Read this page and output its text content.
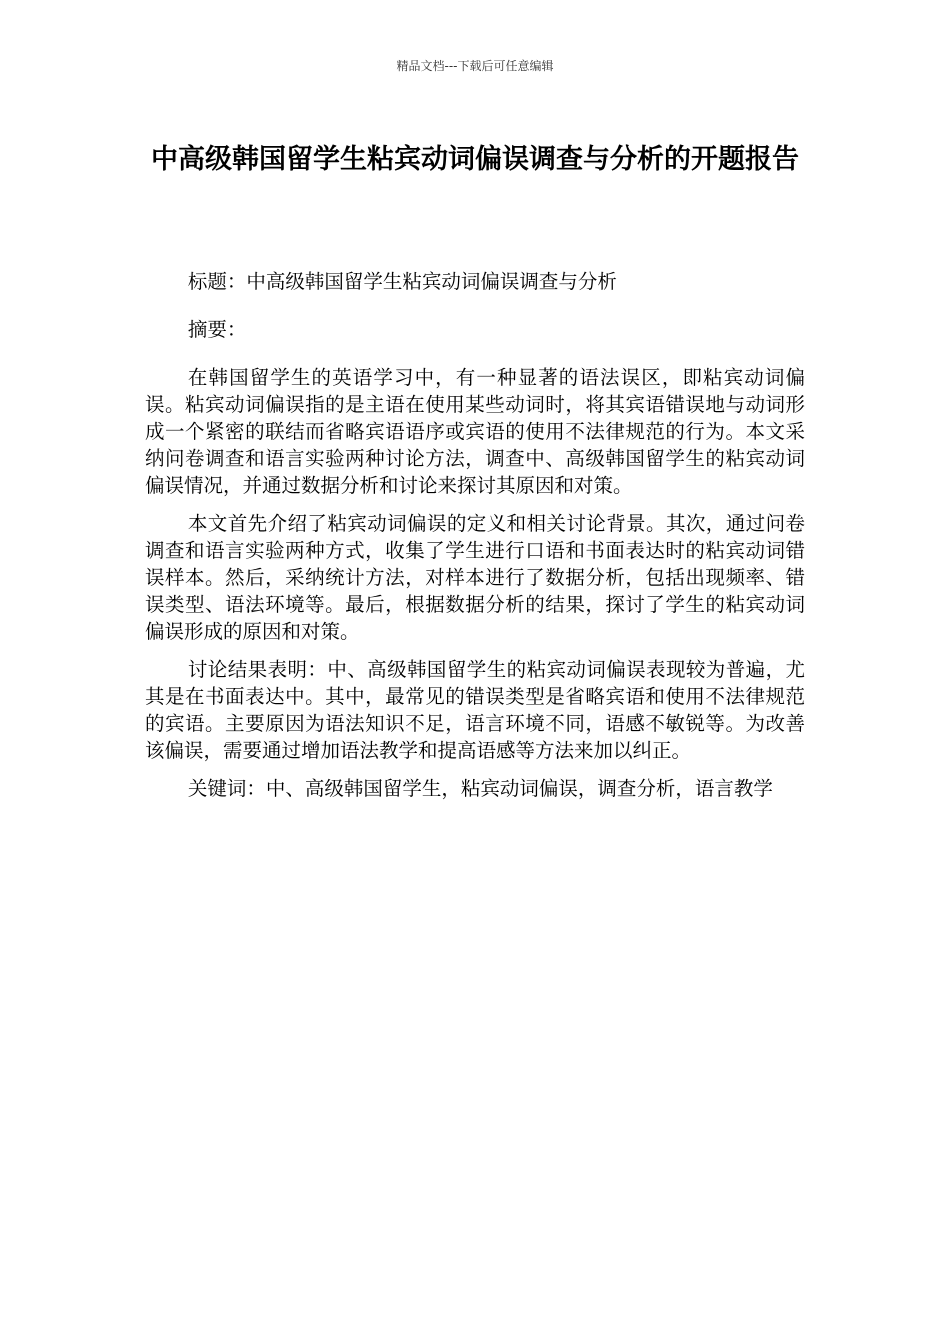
精品文档---下载后可任意编辑
中高级韩国留学生粘宾动词偏误调查与分析的开题报告

标题：中高级韩国留学生粘宾动词偏误调查与分析

摘要：

在韩国留学生的英语学习中，有一种显著的语法误区，即粘宾动词偏误。粘宾动词偏误指的是主语在使用某些动词时，将其宾语错误地与动词形成一个紧密的联结而省略宾语语序或宾语的使用不法律规范的行为。本文采纳问卷调查和语言实验两种讨论方法，调查中、高级韩国留学生的粘宾动词偏误情况，并通过数据分析和讨论来探讨其原因和对策。

本文首先介绍了粘宾动词偏误的定义和相关讨论背景。其次，通过问卷调查和语言实验两种方式，收集了学生进行口语和书面表达时的粘宾动词错误样本。然后，采纳统计方法，对样本进行了数据分析，包括出现频率、错误类型、语法环境等。最后，根据数据分析的结果，探讨了学生的粘宾动词偏误形成的原因和对策。

讨论结果表明：中、高级韩国留学生的粘宾动词偏误表现较为普遍，尤其是在书面表达中。其中，最常见的错误类型是省略宾语和使用不法律规范的宾语。主要原因为语法知识不足，语言环境不同，语感不敏锐等。为改善该偏误，需要通过增加语法教学和提高语感等方法来加以纠正。

关键词：中、高级韩国留学生，粘宾动词偏误，调查分析，语言教学
